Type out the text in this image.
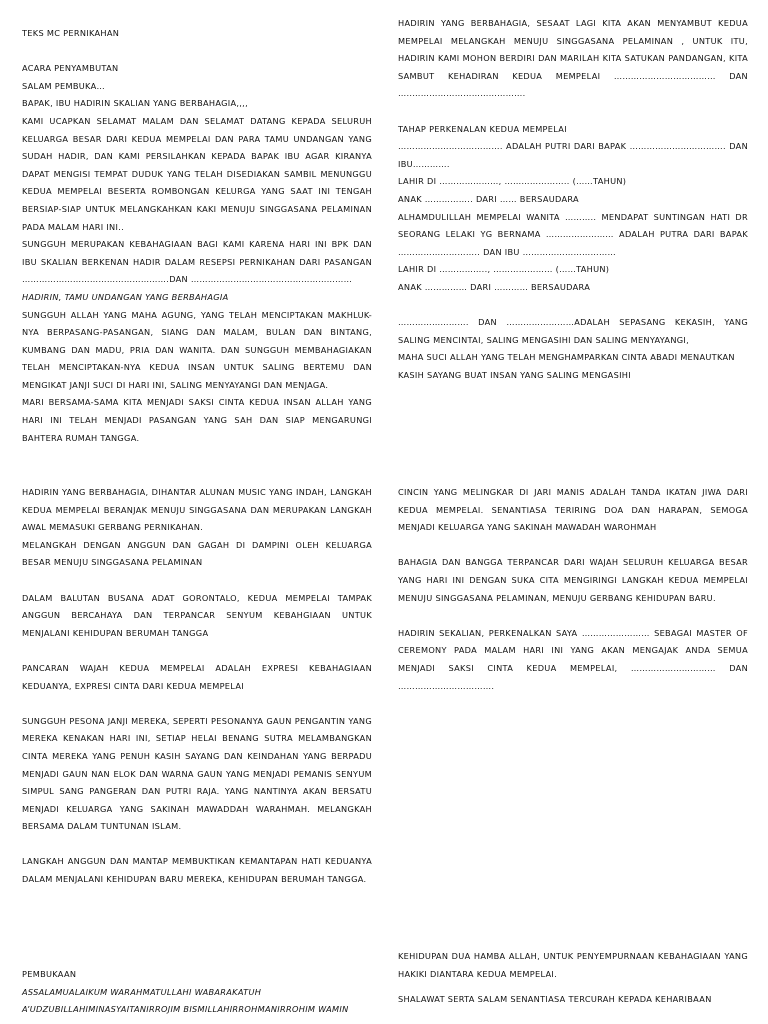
TEKS MC PERNIKAHAN

ACARA PENYAMBUTAN

SALAM PEMBUKA…

BAPAK, IBU HADIRIN SKALIAN YANG BERBAHAGIA,,,,

KAMI UCAPKAN SELAMAT MALAM DAN SELAMAT DATANG KEPADA SELURUH KELUARGA BESAR DARI KEDUA MEMPELAI DAN PARA TAMU UNDANGAN YANG SUDAH HADIR, DAN KAMI PERSILAHKAN KEPADA BAPAK IBU AGAR KIRANYA DAPAT MENGISI TEMPAT DUDUK YANG TELAH DISEDIAKAN SAMBIL MENUNGGU KEDUA MEMPELAI BESERTA ROMBONGAN KELURGA YANG SAAT INI TENGAH BERSIAP-SIAP UNTUK MELANGKAHKAN KAKI MENUJU SINGGASANA PELAMINAN PADA MALAM HARI INI..

SUNGGUH MERUPAKAN KEBAHAGIAAN BAGI KAMI KARENA HARI INI BPK DAN IBU SKALIAN BERKENAN HADIR DALAM RESEPSI PERNIKAHAN DARI PASANGAN …………………………………………….DAN …………………………………………………

HADIRIN, TAMU UNDANGAN YANG BERBAHAGIA

SUNGGUH ALLAH YANG MAHA AGUNG, YANG TELAH MENCIPTAKAN MAKHLUK-NYA BERPASANG-PASANGAN, SIANG DAN MALAM, BULAN DAN BINTANG, KUMBANG DAN MADU, PRIA DAN WANITA. DAN SUNGGUH MEMBAHAGIAKAN TELAH MENCIPTAKAN-NYA KEDUA INSAN UNTUK SALING BERTEMU DAN MENGIKAT JANJI SUCI DI HARI INI, SALING MENYAYANGI DAN MENJAGA.

MARI BERSAMA-SAMA KITA MENJADI SAKSI CINTA KEDUA INSAN ALLAH YANG HARI INI TELAH MENJADI PASANGAN YANG SAH DAN SIAP MENGARUNGI BAHTERA RUMAH TANGGA.

HADIRIN YANG BERBAHAGIA, SESAAT LAGI KITA AKAN MENYAMBUT KEDUA MEMPELAI MELANGKAH MENUJU SINGGASANA PELAMINAN , UNTUK ITU, HADIRIN KAMI MOHON BERDIRI DAN MARILAH KITA SATUKAN PANDANGAN, KITA SAMBUT KEHADIRAN KEDUA MEMPELAI ……………………………… DAN …..………………………………….

TAHAP PERKENALAN KEDUA MEMPELAI

………………………………. ADALAH PUTRI DARI BAPAK ……………………………. DAN IBU………….

LAHIR DI …………………, ………………….. (……TAHUN)

ANAK …………….. DARI …… BERSAUDARA

ALHAMDULILLAH MEMPELAI WANITA ……….. MENDAPAT SUNTINGAN HATI DR SEORANG LELAKI YG BERNAMA …………………… ADALAH PUTRA DARI BAPAK ……………………….. DAN IBU ……………………………

LAHIR DI …………….., ………………… (……TAHUN)

ANAK …………… DARI ………… BERSAUDARA

……………………. DAN ……………………ADALAH SEPASANG KEKASIH, YANG SALING MENCINTAI, SALING MENGASIHI DAN SALING MENYAYANGI,

MAHA SUCI ALLAH YANG TELAH MENGHAMPARKAN CINTA ABADI MENAUTKAN KASIH SAYANG BUAT INSAN YANG SALING MENGASIHI

HADIRIN YANG BERBAHAGIA, DIHANTAR ALUNAN MUSIC YANG INDAH, LANGKAH KEDUA MEMPELAI BERANJAK MENUJU SINGGASANA DAN MERUPAKAN LANGKAH AWAL MEMASUKI GERBANG PERNIKAHAN.

MELANGKAH DENGAN ANGGUN DAN GAGAH DI DAMPINI OLEH KELUARGA BESAR MENUJU SINGGASANA PELAMINAN

DALAM BALUTAN BUSANA ADAT GORONTALO, KEDUA MEMPELAI TAMPAK ANGGUN BERCAHAYA DAN TERPANCAR SENYUM KEBAHGIAAN UNTUK MENJALANI KEHIDUPAN BERUMAH TANGGA

PANCARAN WAJAH KEDUA MEMPELAI ADALAH EXPRESI KEBAHAGIAAN KEDUANYA, EXPRESI CINTA DARI KEDUA MEMPELAI

SUNGGUH PESONA JANJI MEREKA, SEPERTI PESONANYA GAUN PENGANTIN YANG MEREKA KENAKAN HARI INI, SETIAP HELAI BENANG SUTRA MELAMBANGKAN CINTA MEREKA YANG PENUH KASIH SAYANG DAN KEINDAHAN YANG BERPADU MENJADI GAUN NAN ELOK DAN WARNA GAUN YANG MENJADI PEMANIS SENYUM SIMPUL SANG PANGERAN DAN PUTRI RAJA. YANG NANTINYA AKAN BERSATU MENJADI KELUARGA YANG SAKINAH MAWADDAH WARAHMAH. MELANGKAH BERSAMA DALAM TUNTUNAN ISLAM.

LANGKAH ANGGUN DAN MANTAP MEMBUKTIKAN KEMANTAPAN HATI KEDUANYA DALAM MENJALANI KEHIDUPAN BARU MEREKA, KEHIDUPAN BERUMAH TANGGA.

CINCIN YANG MELINGKAR DI JARI MANIS ADALAH TANDA IKATAN JIWA DARI KEDUA MEMPELAI. SENANTIASA TERIRING DOA DAN HARAPAN, SEMOGA MENJADI KELUARGA YANG SAKINAH MAWADAH WAROHMAH

BAHAGIA DAN BANGGA TERPANCAR DARI WAJAH SELURUH KELUARGA BESAR YANG HARI INI DENGAN SUKA CITA MENGIRINGI LANGKAH KEDUA MEMPELAI MENUJU SINGGASANA PELAMINAN, MENUJU GERBANG KEHIDUPAN BARU.

HADIRIN SEKALIAN, PERKENALKAN SAYA …………………… SEBAGAI MASTER OF CEREMONY PADA MALAM HARI INI YANG AKAN MENGAJAK ANDA SEMUA MENJADI SAKSI CINTA KEDUA MEMPELAI, ………………………… DAN …………………………….

PEMBUKAAN

ASSALAMUALAIKUM WARAHMATULLAHI WABARAKATUH

A’UDZUBILLAHIMINASYAITANIRROJIM BISMILLAHIRROHMANIRROHIM WAMIN

KEHIDUPAN DUA HAMBA ALLAH, UNTUK PENYEMPURNAAN KEBAHAGIAAN YANG HAKIKI DIANTARA KEDUA MEMPELAI.

SHALAWAT SERTA SALAM SENANTIASA TERCURAH KEPADA KEHARIBAAN
